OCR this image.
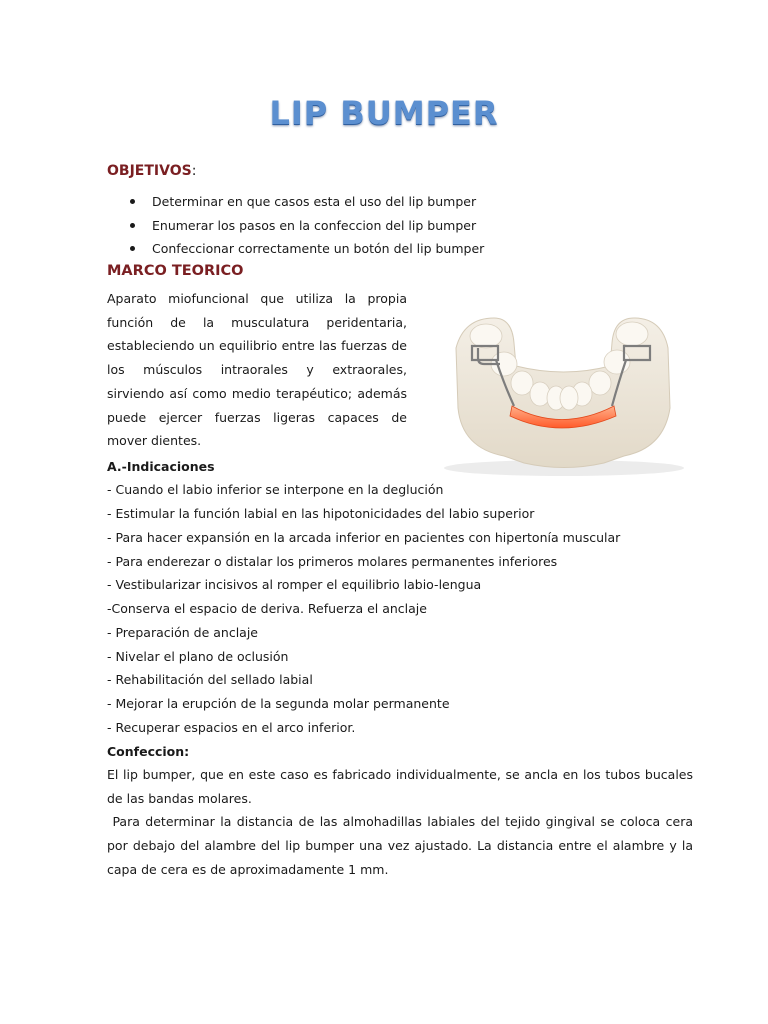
LIP BUMPER
OBJETIVOS:
Determinar en que casos esta el uso del lip bumper
Enumerar los pasos en la confeccion del lip bumper
Confeccionar correctamente un botón del lip bumper
MARCO TEORICO
Aparato miofuncional que utiliza la propia función de la musculatura peridentaria, estableciendo un equilibrio entre las fuerzas de los músculos intraorales y extraorales, sirviendo así como medio terapéutico; además puede ejercer fuerzas ligeras capaces de mover dientes.
A.-Indicaciones
- Cuando el labio inferior se interpone en la deglución
- Estimular la función labial en las hipotonicidades del labio superior
- Para hacer expansión en la arcada inferior en pacientes con hipertonía muscular
- Para enderezar o distalar los primeros molares permanentes inferiores
- Vestibularizar incisivos al romper el equilibrio labio-lengua
-Conserva el espacio de deriva. Refuerza el anclaje
- Preparación de anclaje
- Nivelar el plano de oclusión
- Rehabilitación del sellado labial
- Mejorar la erupción de la segunda molar permanente
- Recuperar espacios en el arco inferior.
Confeccion:

El lip bumper, que en este caso es fabricado individualmente, se ancla en los tubos bucales de las bandas molares.

Para determinar la distancia de las almohadillas labiales del tejido gingival se coloca cera por debajo del alambre del lip bumper una vez ajustado. La distancia entre el alambre y la capa de cera es de aproximadamente 1 mm.
